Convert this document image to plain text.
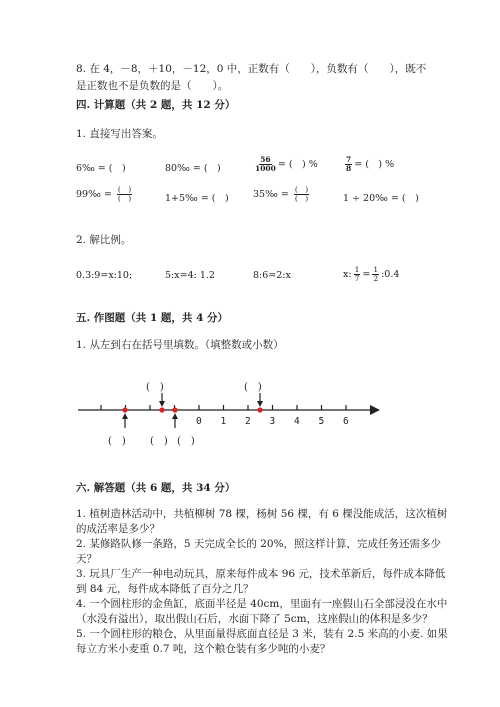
8. 在 4，－8，＋10，－12，0 中，正数有（　　），负数有（　　），既不
是正数也不是负数的是（　　）。
四. 计算题（共 2 题，共 12 分）
1. 直接写出答案。
6‰ = (　)	80‰ = (　)	$\frac{56}{1000}$ = (　) %	$\frac{7}{8}$ = (　) %
99‰ = $\frac{( )}{( )}$	1+5‰ = (　)	35‰ = $\frac{( )}{( )}$	1 ÷ 20‰ = (　)
2. 解比例。
0.3:9=x:10;	5:x=4: 1.2	8:6=2:x	x: $\frac{1}{7} = \frac{1}{2}$ :0.4
五. 作图题（共 1 题，共 4 分）
1. 从左到右在括号里填数。（填整数或小数）
(　)	(　)
(　) (　) (　)
0 1 2 3 4 5 6
六. 解答题（共 6 题，共 34 分）
1. 植树造林活动中，共植柳树 78 棵，杨树 56 棵，有 6 棵没能成活，这次植树
的成活率是多少？
2. 某修路队修一条路，5 天完成全长的 20%，照这样计算，完成任务还需多少
天？
3. 玩具厂生产一种电动玩具，原来每件成本 96 元，技术革新后，每件成本降低
到 84 元，每件成本降低了百分之几？
4. 一个圆柱形的金鱼缸，底面半径是 40cm，里面有一座假山石全部浸没在水中
（水没有溢出），取出假山石后，水面下降了 5cm，这座假山的体积是多少？
5. 一个圆柱形的粮仓，从里面量得底面直径是 3 米，装有 2.5 米高的小麦. 如果
每立方米小麦重 0.7 吨，这个粮仓装有多少吨的小麦？
